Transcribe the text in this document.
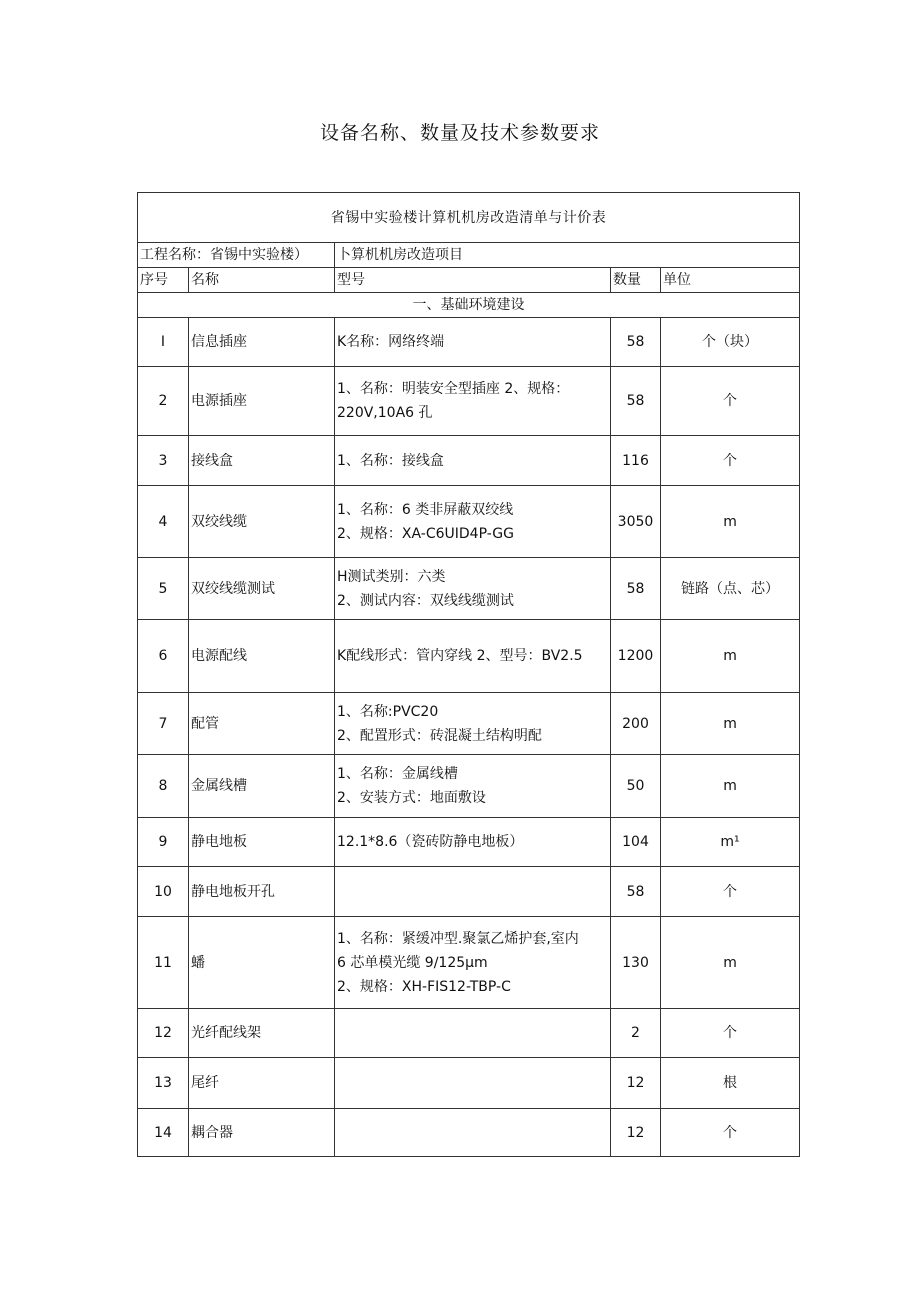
设备名称、数量及技术参数要求
省锡中实验楼计算机机房改造清单与计价表				
工程名称：省锡中实验楼）		卜算机机房改造项目		
序号	名称	型号	数量	单位
一、基础环境建设				
I	信息插座	K名称：网络终端	58	个（块）
2	电源插座	1、名称：明装安全型插座 2、规格：
220V,10A6 孔	58	个
3	接线盒	1、名称：接线盒	116	个
4	双绞线缆	1、名称：6 类非屏蔽双绞线
2、规格：XA-C6UID4P-GG	3050	m
5	双绞线缆测试	H测试类别：六类
2、测试内容：双线线缆测试	58	链路（点、芯）
6	电源配线	K配线形式：管内穿线 2、型号：BV2.5	1200	m
7	配管	1、名称:PVC20
2、配置形式：砖混凝土结构明配	200	m
8	金属线槽	1、名称：金属线槽
2、安装方式：地面敷设	50	m
9	静电地板	12.1*8.6（瓷砖防静电地板）	104	m¹
10	静电地板开孔		58	个
11	蟠	1、名称：紧缓冲型.聚氯乙烯护套,室内
6 芯单模光缆 9∕125μm
2、规格：XH-FIS12-TBP-C	130	m
12	光纤配线架		2	个
13	尾纤		12	根
14	耦合器		12	个
